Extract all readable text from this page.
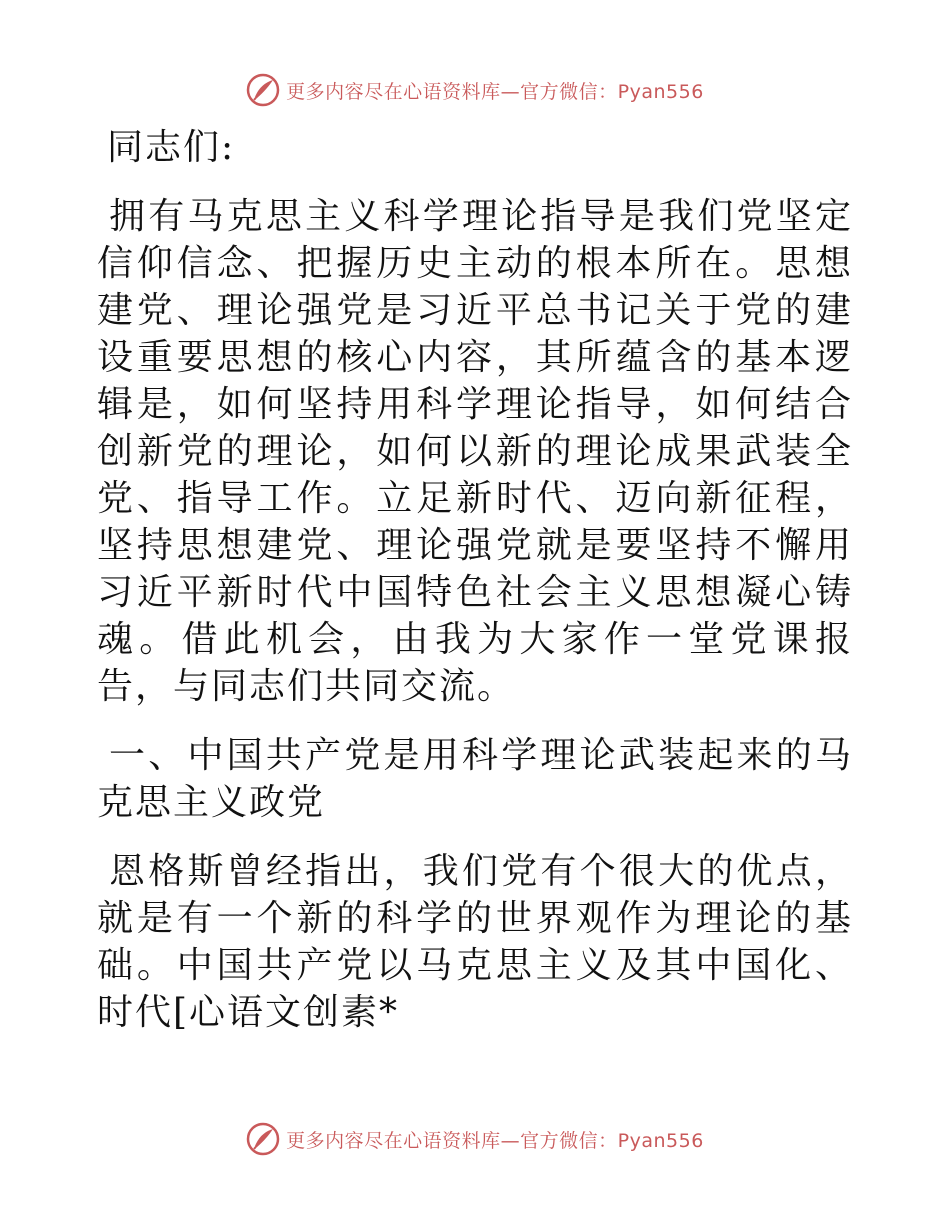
更多内容尽在心语资料库—官方微信：Pyan556

同志们:

拥有马克思主义科学理论指导是我们党坚定信仰信念、把握历史主动的根本所在。思想建党、理论强党是习近平总书记关于党的建设重要思想的核心内容，其所蕴含的基本逻辑是，如何坚持用科学理论指导，如何结合创新党的理论，如何以新的理论成果武装全党、指导工作。立足新时代、迈向新征程，坚持思想建党、理论强党就是要坚持不懈用习近平新时代中国特色社会主义思想凝心铸魂。借此机会，由我为大家作一堂党课报告，与同志们共同交流。

一、中国共产党是用科学理论武装起来的马克思主义政党

恩格斯曾经指出，我们党有个很大的优点，就是有一个新的科学的世界观作为理论的基础。中国共产党以马克思主义及其中国化、时代[心语文创素*

更多内容尽在心语资料库—官方微信：Pyan556
